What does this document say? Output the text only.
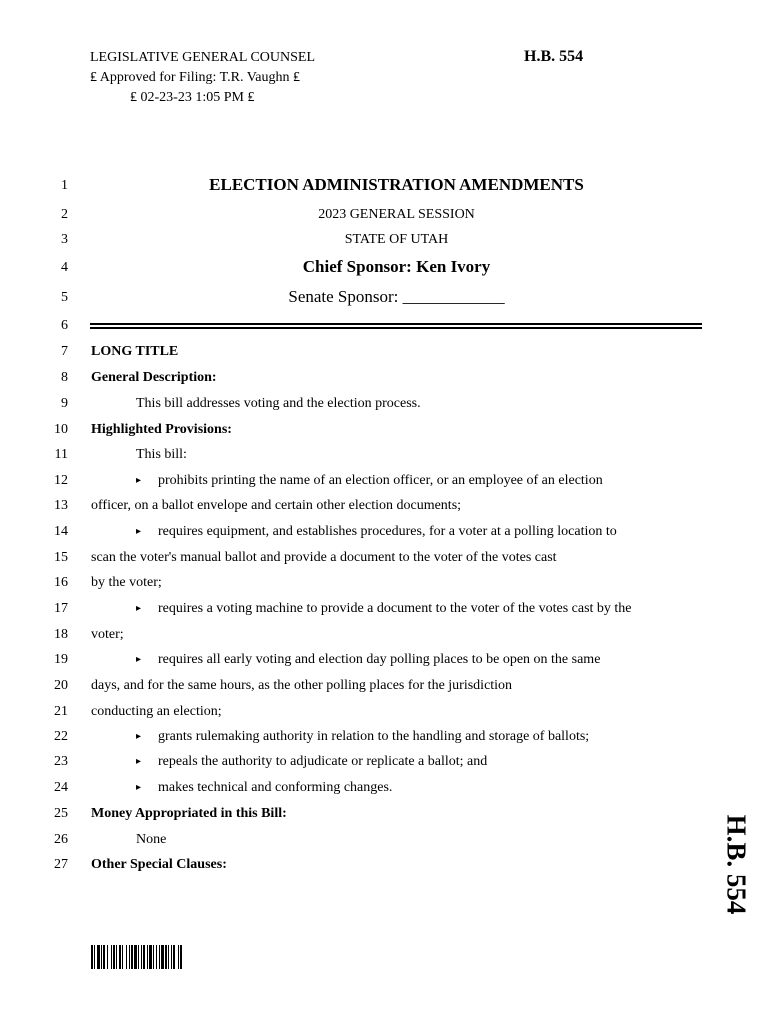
LEGISLATIVE GENERAL COUNSEL
₤ Approved for Filing: T.R. Vaughn ₤
₤ 02-23-23 1:05 PM ₤
H.B. 554
1
2
3
4
5
6
7
8
9
10
11
12
13
14
15
16
17
18
19
20
21
22
23
24
25
26
27
ELECTION ADMINISTRATION AMENDMENTS
2023 GENERAL SESSION
STATE OF UTAH
Chief Sponsor: Ken Ivory
Senate Sponsor: ____________
LONG TITLE
General Description:
This bill addresses voting and the election process.
Highlighted Provisions:
This bill:
▸ prohibits printing the name of an election officer, or an employee of an election
officer, on a ballot envelope and certain other election documents;
▸ requires equipment, and establishes procedures, for a voter at a polling location to
scan the voter's manual ballot and provide a document to the voter of the votes cast
by the voter;
▸ requires a voting machine to provide a document to the voter of the votes cast by the
voter;
▸ requires all early voting and election day polling places to be open on the same
days, and for the same hours, as the other polling places for the jurisdiction
conducting an election;
▸ grants rulemaking authority in relation to the handling and storage of ballots;
▸ repeals the authority to adjudicate or replicate a ballot; and
▸ makes technical and conforming changes.
Money Appropriated in this Bill:
None
Other Special Clauses:	H.B. 554
